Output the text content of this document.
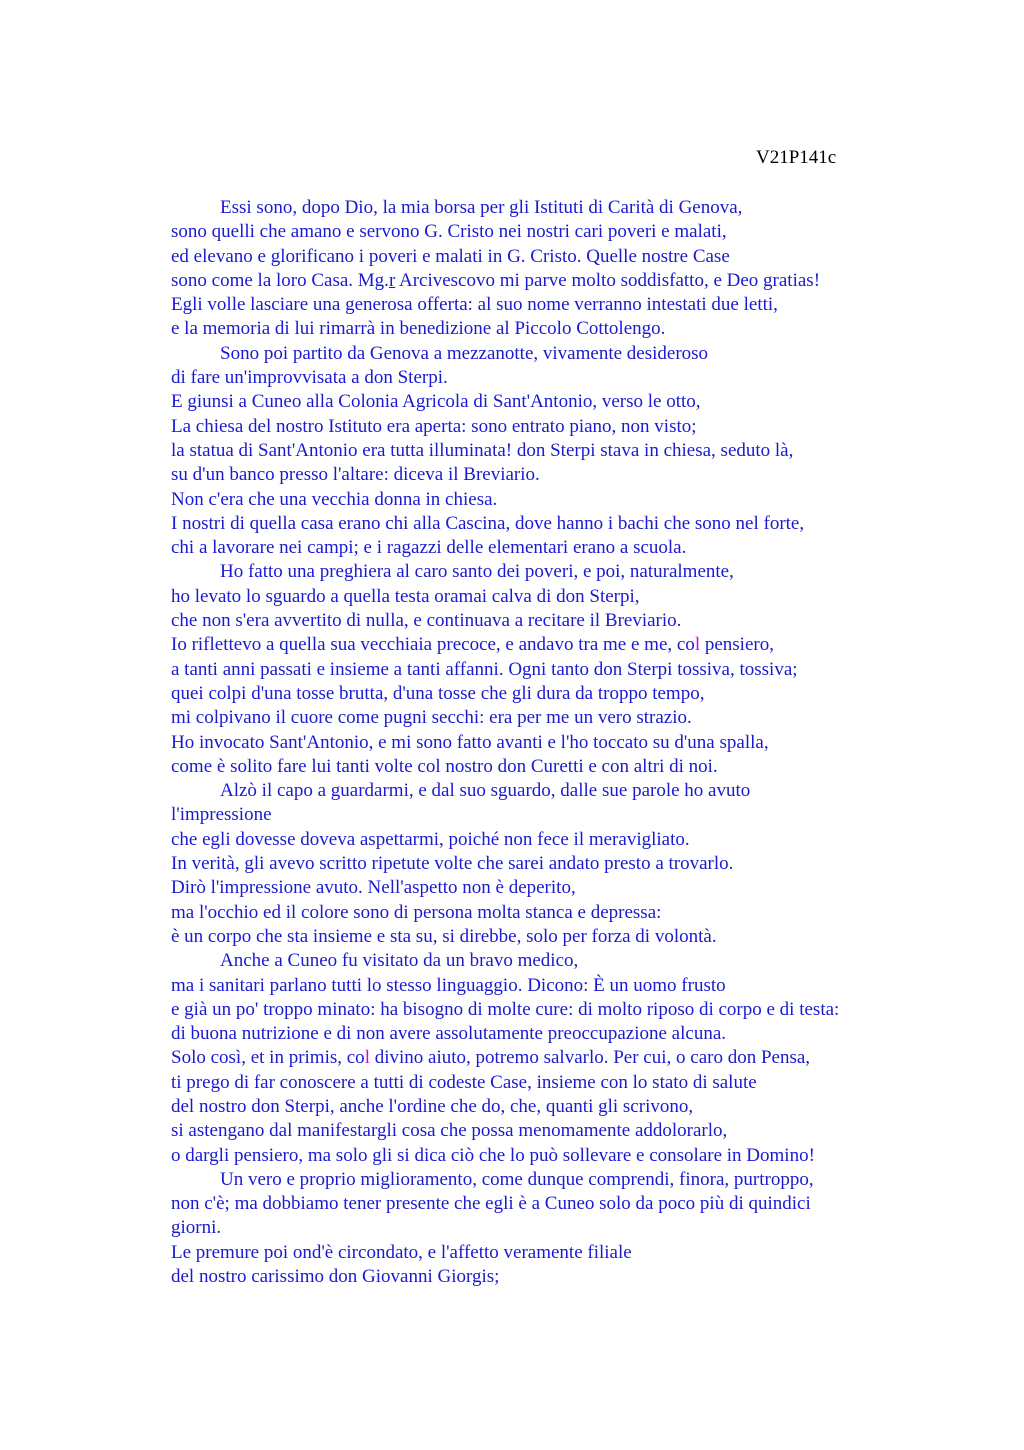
V21P141c
Essi sono, dopo Dio, la mia borsa per gli Istituti di Carità di Genova,
sono quelli che amano e servono G. Cristo nei nostri cari poveri e malati,
ed elevano e glorificano i poveri e malati in G. Cristo. Quelle nostre Case
sono come la loro Casa. Mg.r Arcivescovo mi parve molto soddisfatto, e Deo gratias!
Egli volle lasciare una generosa offerta: al suo nome verranno intestati due letti,
e la memoria di lui rimarrà in benedizione al Piccolo Cottolengo.
Sono poi partito da Genova a mezzanotte, vivamente desideroso
di fare un'improvvisata a don Sterpi.
E giunsi a Cuneo alla Colonia Agricola di Sant'Antonio, verso le otto,
La chiesa del nostro Istituto era aperta: sono entrato piano, non visto;
la statua di Sant'Antonio era tutta illuminata! don Sterpi stava in chiesa, seduto là,
su d'un banco presso l'altare: diceva il Breviario.
Non c'era che una vecchia donna in chiesa.
I nostri di quella casa erano chi alla Cascina, dove hanno i bachi che sono nel forte,
chi a lavorare nei campi; e i ragazzi delle elementari erano a scuola.
Ho fatto una preghiera al caro santo dei poveri, e poi, naturalmente,
ho levato lo sguardo a quella testa oramai calva di don Sterpi,
che non s'era avvertito di nulla, e continuava a recitare il Breviario.
Io riflettevo a quella sua vecchiaia precoce, e andavo tra me e me, col pensiero,
a tanti anni passati e insieme a tanti affanni. Ogni tanto don Sterpi tossiva, tossiva;
quei colpi d'una tosse brutta, d'una tosse che gli dura da troppo tempo,
mi colpivano il cuore come pugni secchi: era per me un vero strazio.
Ho invocato Sant'Antonio, e mi sono fatto avanti e l'ho toccato su d'una spalla,
come è solito fare lui tanti volte col nostro don Curetti e con altri di noi.
Alzò il capo a guardarmi, e dal suo sguardo, dalle sue parole ho avuto
l'impressione
che egli dovesse doveva aspettarmi, poiché non fece il meravigliato.
In verità, gli avevo scritto ripetute volte che sarei andato presto a trovarlo.
Dirò l'impressione avuto. Nell'aspetto non è deperito,
ma l'occhio ed il colore sono di persona molta stanca e depressa:
è un corpo che sta insieme e sta su, si direbbe, solo per forza di volontà.
Anche a Cuneo fu visitato da un bravo medico,
ma i sanitari parlano tutti lo stesso linguaggio. Dicono: È un uomo frusto
e già un po' troppo minato: ha bisogno di molte cure: di molto riposo di corpo e di testa:
di buona nutrizione e di non avere assolutamente preoccupazione alcuna.
Solo così, et in primis, col divino aiuto, potremo salvarlo. Per cui, o caro don Pensa,
ti prego di far conoscere a tutti di codeste Case, insieme con lo stato di salute
del nostro don Sterpi, anche l'ordine che do, che, quanti gli scrivono,
si astengano dal manifestargli cosa che possa menomamente addolorarlo,
o dargli pensiero, ma solo gli si dica ciò che lo può sollevare e consolare in Domino!
Un vero e proprio miglioramento, come dunque comprendi, finora, purtroppo,
non c'è; ma dobbiamo tener presente che egli è a Cuneo solo da poco più di quindici
giorni.
Le premure poi ond'è circondato, e l'affetto veramente filiale
del nostro carissimo don Giovanni Giorgis;
